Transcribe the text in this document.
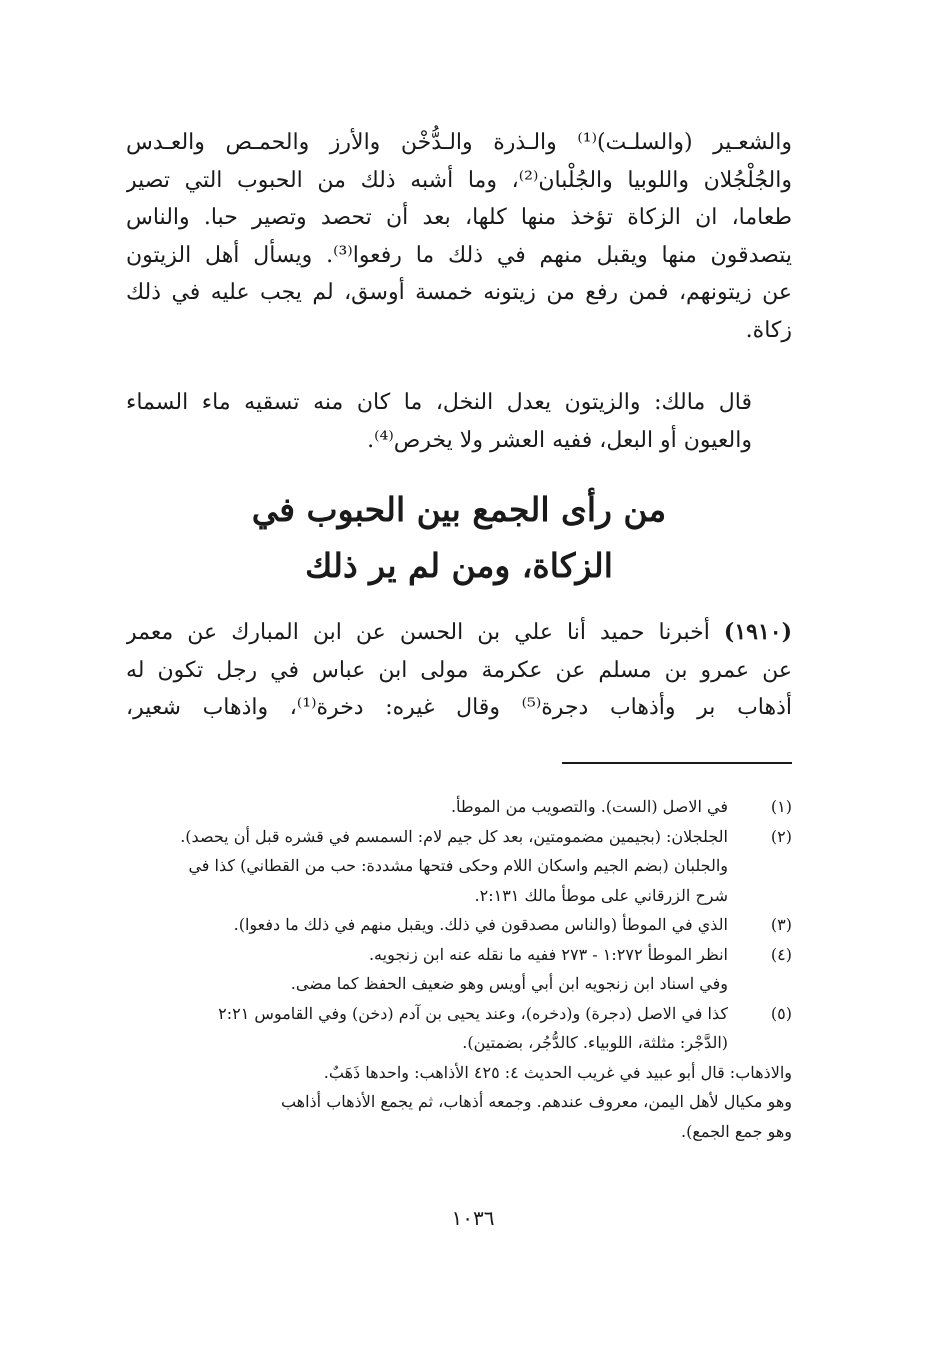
والشعـير (والسلـت)⁽¹⁾ والـذرة والـدُّخْن والأرز والحمـص والعـدس
والجُلْجُلان واللوبيا والجُلْبان⁽²⁾، وما أشبه ذلك من الحبوب التي تصير
طعاما، ان الزكاة تؤخذ منها كلها، بعد أن تحصد وتصير حبا. والناس
يتصدقون منها ويقبل منهم في ذلك ما رفعوا⁽³⁾. ويسأل أهل الزيتون
عن زيتونهم، فمن رفع من زيتونه خمسة أوسق، لم يجب عليه في ذلك
زكاة.
قال مالك: والزيتون يعدل النخل، ما كان منه تسقيه ماء السماء
والعيون أو البعل، ففيه العشر ولا يخرص⁽⁴⁾.
من رأى الجمع بين الحبوب في
الزكاة، ومن لم ير ذلك
(١٩١٠) أخبرنا حميد أنا علي بن الحسن عن ابن المبارك عن معمر
عن عمرو بن مسلم عن عكرمة مولى ابن عباس في رجل تكون له
أذهاب بر وأذهاب دجرة⁽⁵⁾ وقال غيره: دخرة⁽¹⁾، واذهاب شعير،
(١)
في الاصل (الست). والتصويب من الموطأ.
(٢)
الجلجلان: (بجيمين مضمومتين، بعد كل جيم لام: السمسم في قشره قبل أن يحصد).
والجلبان (بضم الجيم واسكان اللام وحكى فتحها مشددة: حب من القطاني) كذا في
شرح الزرقاني على موطأ مالك ٢:١٣١.
(٣)
الذي في الموطأ (والناس مصدقون في ذلك. ويقبل منهم في ذلك ما دفعوا).
(٤)
انظر الموطأ ١:٢٧٢ - ٢٧٣ ففيه ما نقله عنه ابن زنجويه.
وفي اسناد ابن زنجويه ابن أبي أويس وهو ضعيف الحفظ كما مضى.
(٥)
كذا في الاصل (دجرة) و(دخره)، وعند يحيى بن آدم (دخن) وفي القاموس ٢:٢١
(الدَّجْر: مثلثة، اللوبياء. كالدُّجُر، بضمتين).
والاذهاب: قال أبو عبيد في غريب الحديث ٤: ٤٢٥ الأذاهب: واحدها ذَهَبٌ.
وهو مكيال لأهل اليمن، معروف عندهم. وجمعه أذهاب، ثم يجمع الأذهاب أذاهب
وهو جمع الجمع).
١٠٣٦
